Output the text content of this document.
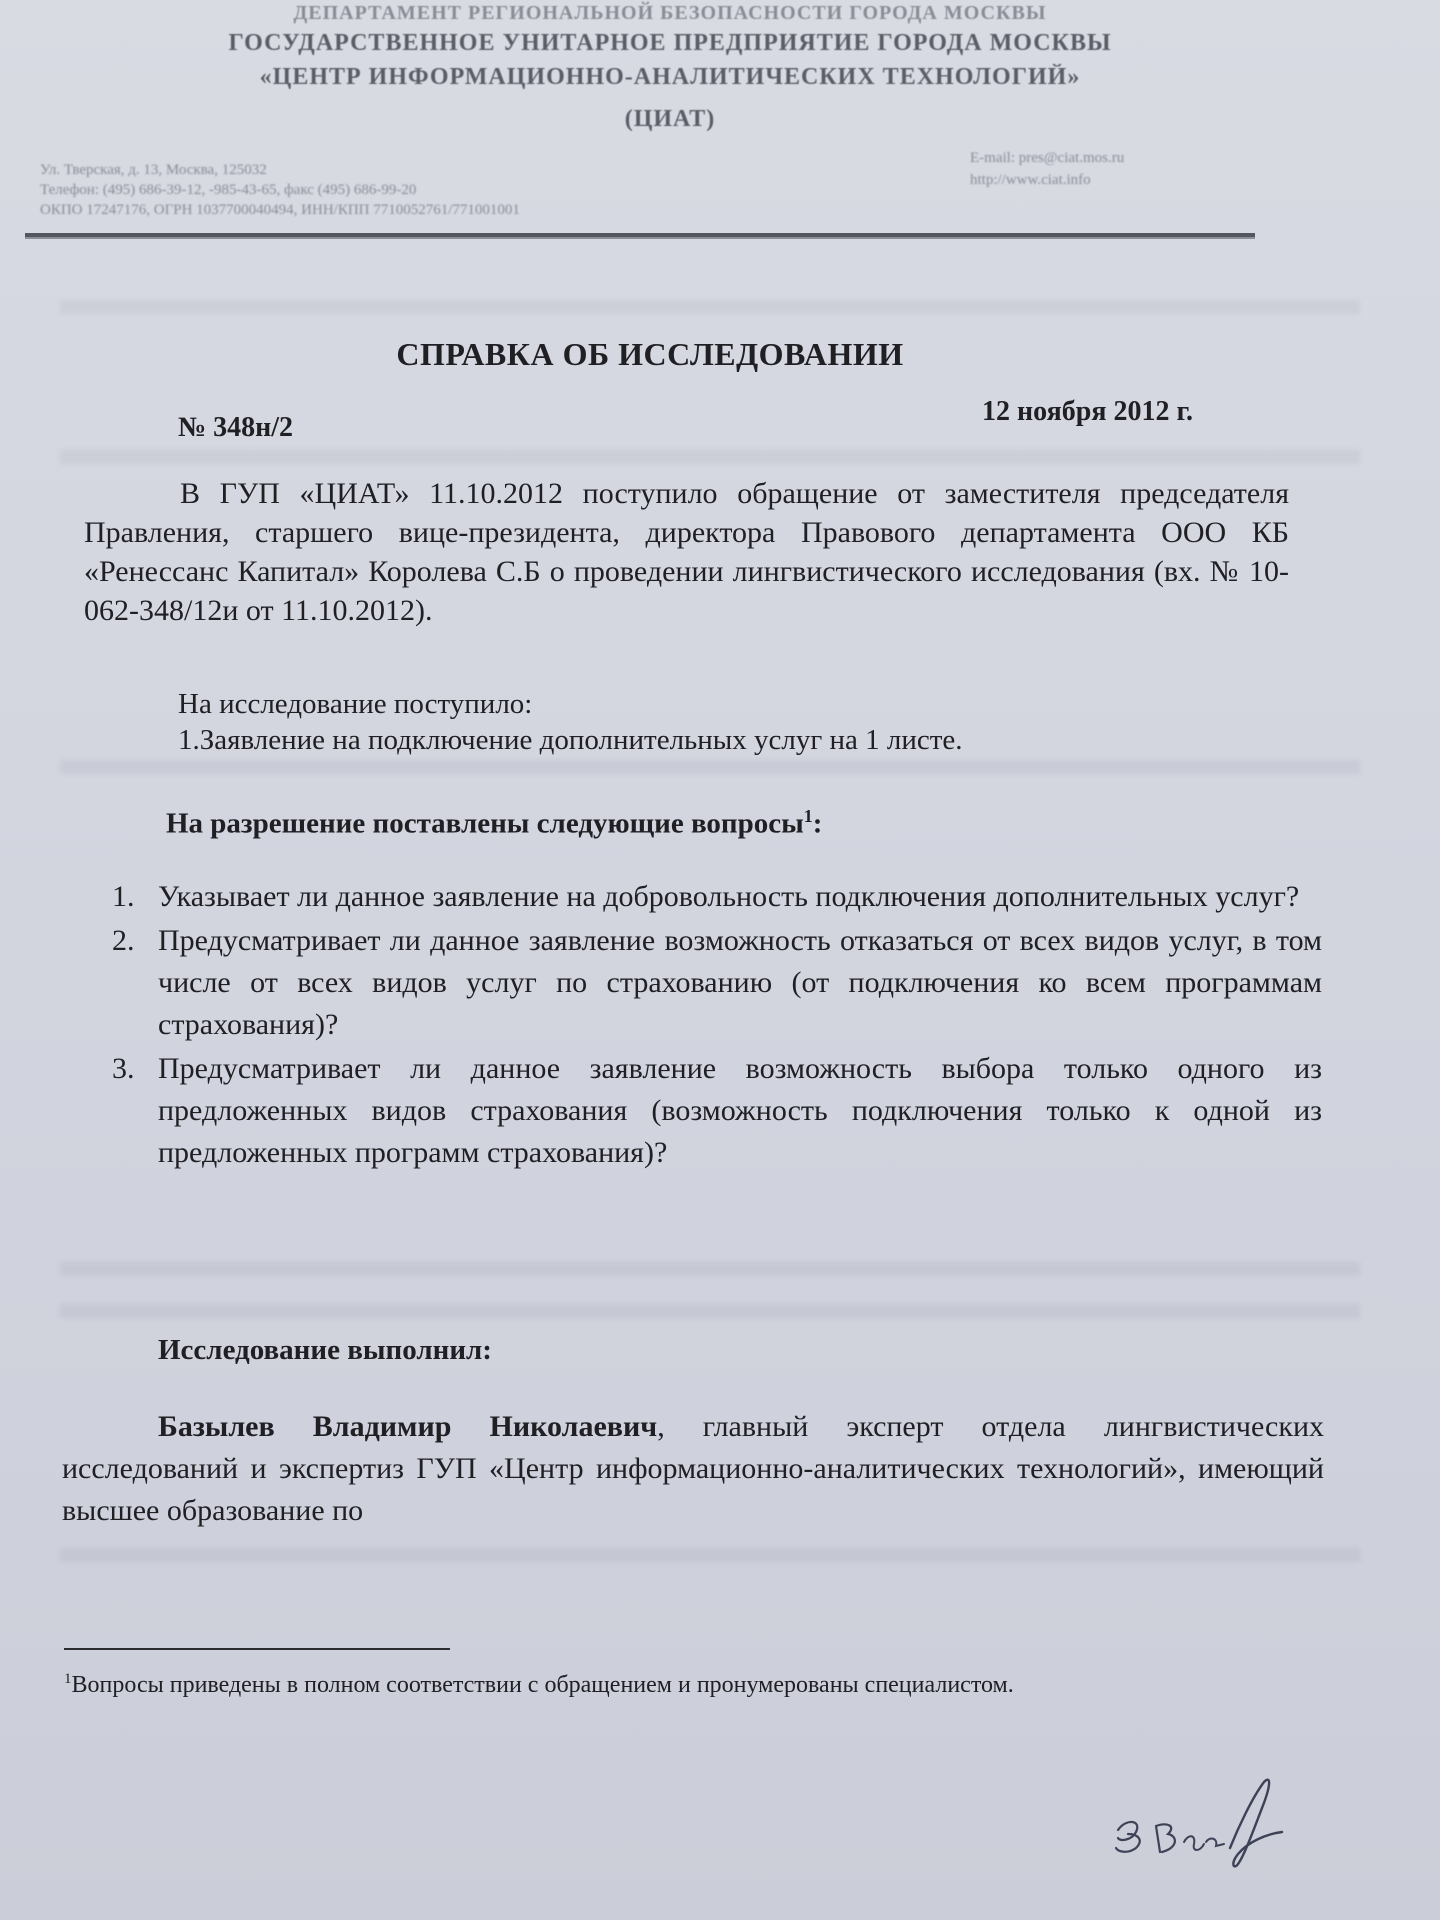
ДЕПАРТАМЕНТ РЕГИОНАЛЬНОЙ БЕЗОПАСНОСТИ ГОРОДА МОСКВЫ
ГОСУДАРСТВЕННОЕ УНИТАРНОЕ ПРЕДПРИЯТИЕ ГОРОДА МОСКВЫ
«ЦЕНТР ИНФОРМАЦИОННО-АНАЛИТИЧЕСКИХ ТЕХНОЛОГИЙ»
(ЦИАТ)
Ул. Тверская, д. 13, Москва, 125032
Телефон: (495) 686-39-12, -985-43-65, факс (495) 686-99-20
ОКПО 17247176, ОГРН 1037700040494, ИНН/КПП 7710052761/771001001
E-mail: pres@ciat.mos.ru
http://www.ciat.info
СПРАВКА ОБ ИССЛЕДОВАНИИ
№ 348н/2
12 ноября 2012 г.
В ГУП «ЦИАТ» 11.10.2012 поступило обращение от заместителя председателя Правления, старшего вице-президента, директора Правового департамента ООО КБ «Ренессанс Капитал» Королева С.Б о проведении лингвистического исследования (вх. № 10-062-348/12и от 11.10.2012).
На исследование поступило:
1.Заявление на подключение дополнительных услуг на 1 листе.
На разрешение поставлены следующие вопросы$^1$:
1. Указывает ли данное заявление на добровольность подключения дополнительных услуг?
2. Предусматривает ли данное заявление возможность отказаться от всех видов услуг, в том числе от всех видов услуг по страхованию (от подключения ко всем программам страхования)?
3. Предусматривает ли данное заявление возможность выбора только одного из предложенных видов страхования (возможность подключения только к одной из предложенных программ страхования)?
Исследование выполнил:
Базылев Владимир Николаевич, главный эксперт отдела лингвистических исследований и экспертиз ГУП «Центр информационно-аналитических технологий», имеющий высшее образование по
$^1$Вопросы приведены в полном соответствии с обращением и пронумерованы специалистом.
